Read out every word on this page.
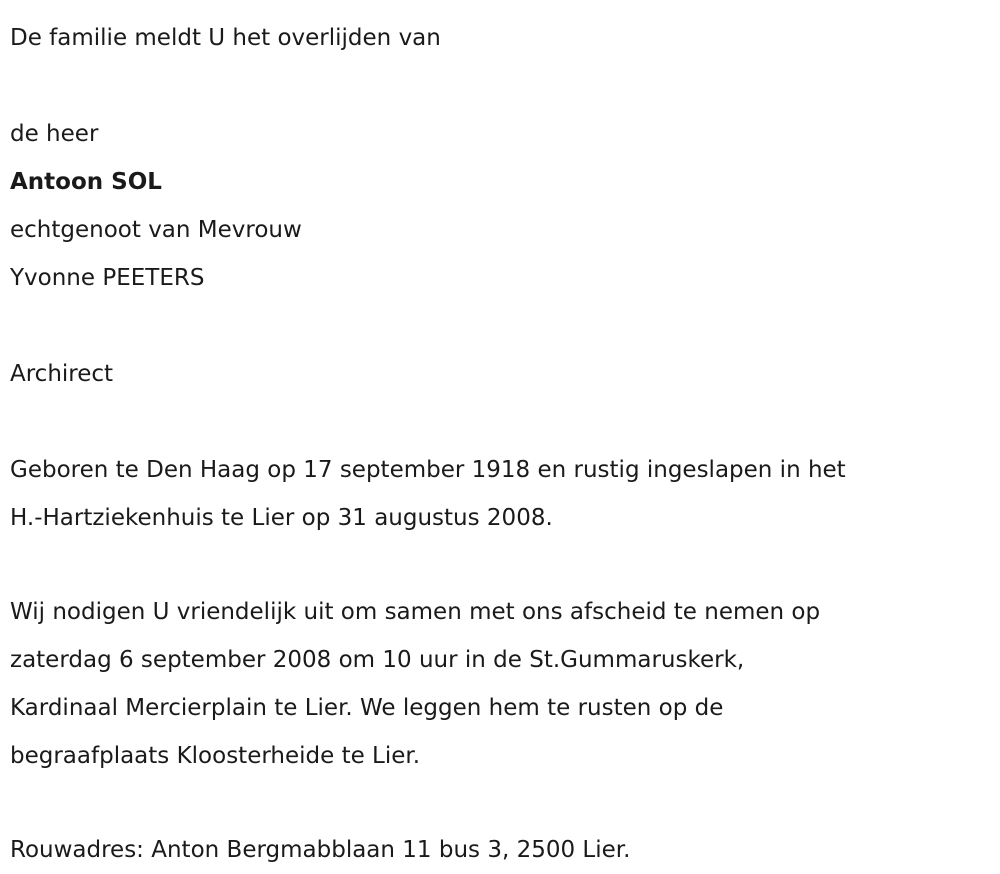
De familie meldt U het overlijden van
de heer
Antoon SOL
echtgenoot van Mevrouw
Yvonne PEETERS
Archirect
Geboren te Den Haag op 17 september 1918 en rustig ingeslapen in het
H.-Hartziekenhuis te Lier op 31 augustus 2008.
Wij nodigen U vriendelijk uit om samen met ons afscheid te nemen op
zaterdag 6 september 2008 om 10 uur in de St.Gummaruskerk,
Kardinaal Mercierplain te Lier. We leggen hem te rusten op de
begraafplaats Kloosterheide te Lier.
Rouwadres: Anton Bergmabblaan 11 bus 3, 2500 Lier.
